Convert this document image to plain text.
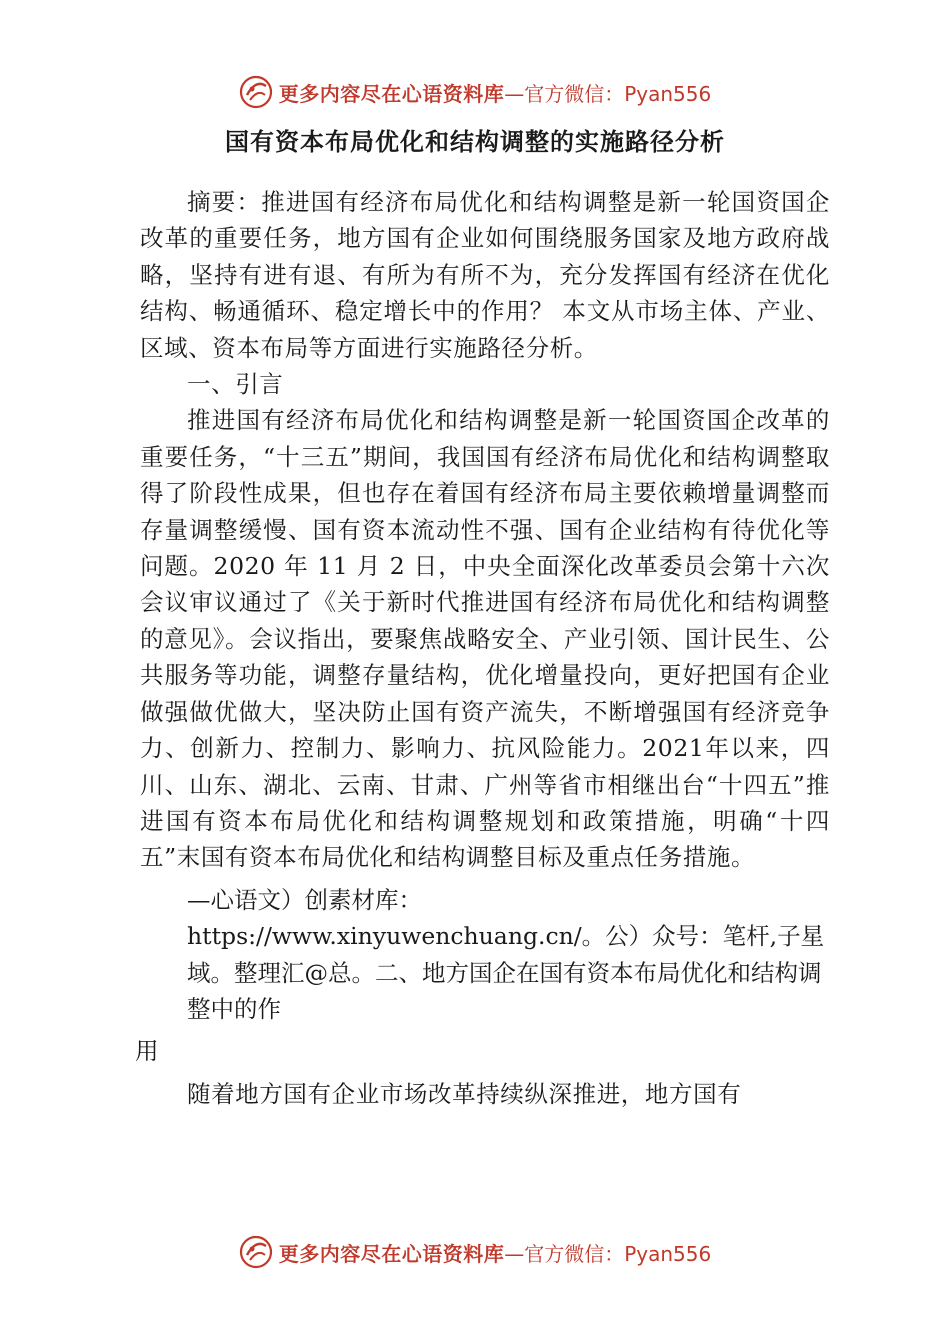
更多内容尽在心语资料库 —官方微信：Pyan556
国有资本布局优化和结构调整的实施路径分析

摘要：推进国有经济布局优化和结构调整是新一轮国资国企改革的重要任务，地方国有企业如何围绕服务国家及地方政府战略，坚持有进有退、有所为有所不为，充分发挥国有经济在优化结构、畅通循环、稳定增长中的作用？ 本文从市场主体、产业、区域、资本布局等方面进行实施路径分析。

一、引言

推进国有经济布局优化和结构调整是新一轮国资国企改革的重要任务，“十三五”期间，我国国有经济布局优化和结构调整取得了阶段性成果，但也存在着国有经济布局主要依赖增量调整而存量调整缓慢、国有资本流动性不强、国有企业结构有待优化等问题。2020 年 11 月 2 日，中央全面深化改革委员会第十六次会议审议通过了《关于新时代推进国有经济布局优化和结构调整的意见》。会议指出，要聚焦战略安全、产业引领、国计民生、公共服务等功能，调整存量结构，优化增量投向，更好把国有企业做强做优做大，坚决防止国有资产流失，不断增强国有经济竞争力、创新力、控制力、影响力、抗风险能力。2021年以来，四川、山东、湖北、云南、甘肃、广州等省市相继出台“十四五”推进国有资本布局优化和结构调整规划和政策措施，明确“十四五”末国有资本布局优化和结构调整目标及重点任务措施。

—心语文）创素材库：https://www.xinyuwenchuang.cn/。公）众号：笔杆,子星域。整理汇@总。二、地方国企在国有资本布局优化和结构调整中的作

用

随着地方国有企业市场改革持续纵深推进，地方国有

更多内容尽在心语资料库 —官方微信：Pyan556
